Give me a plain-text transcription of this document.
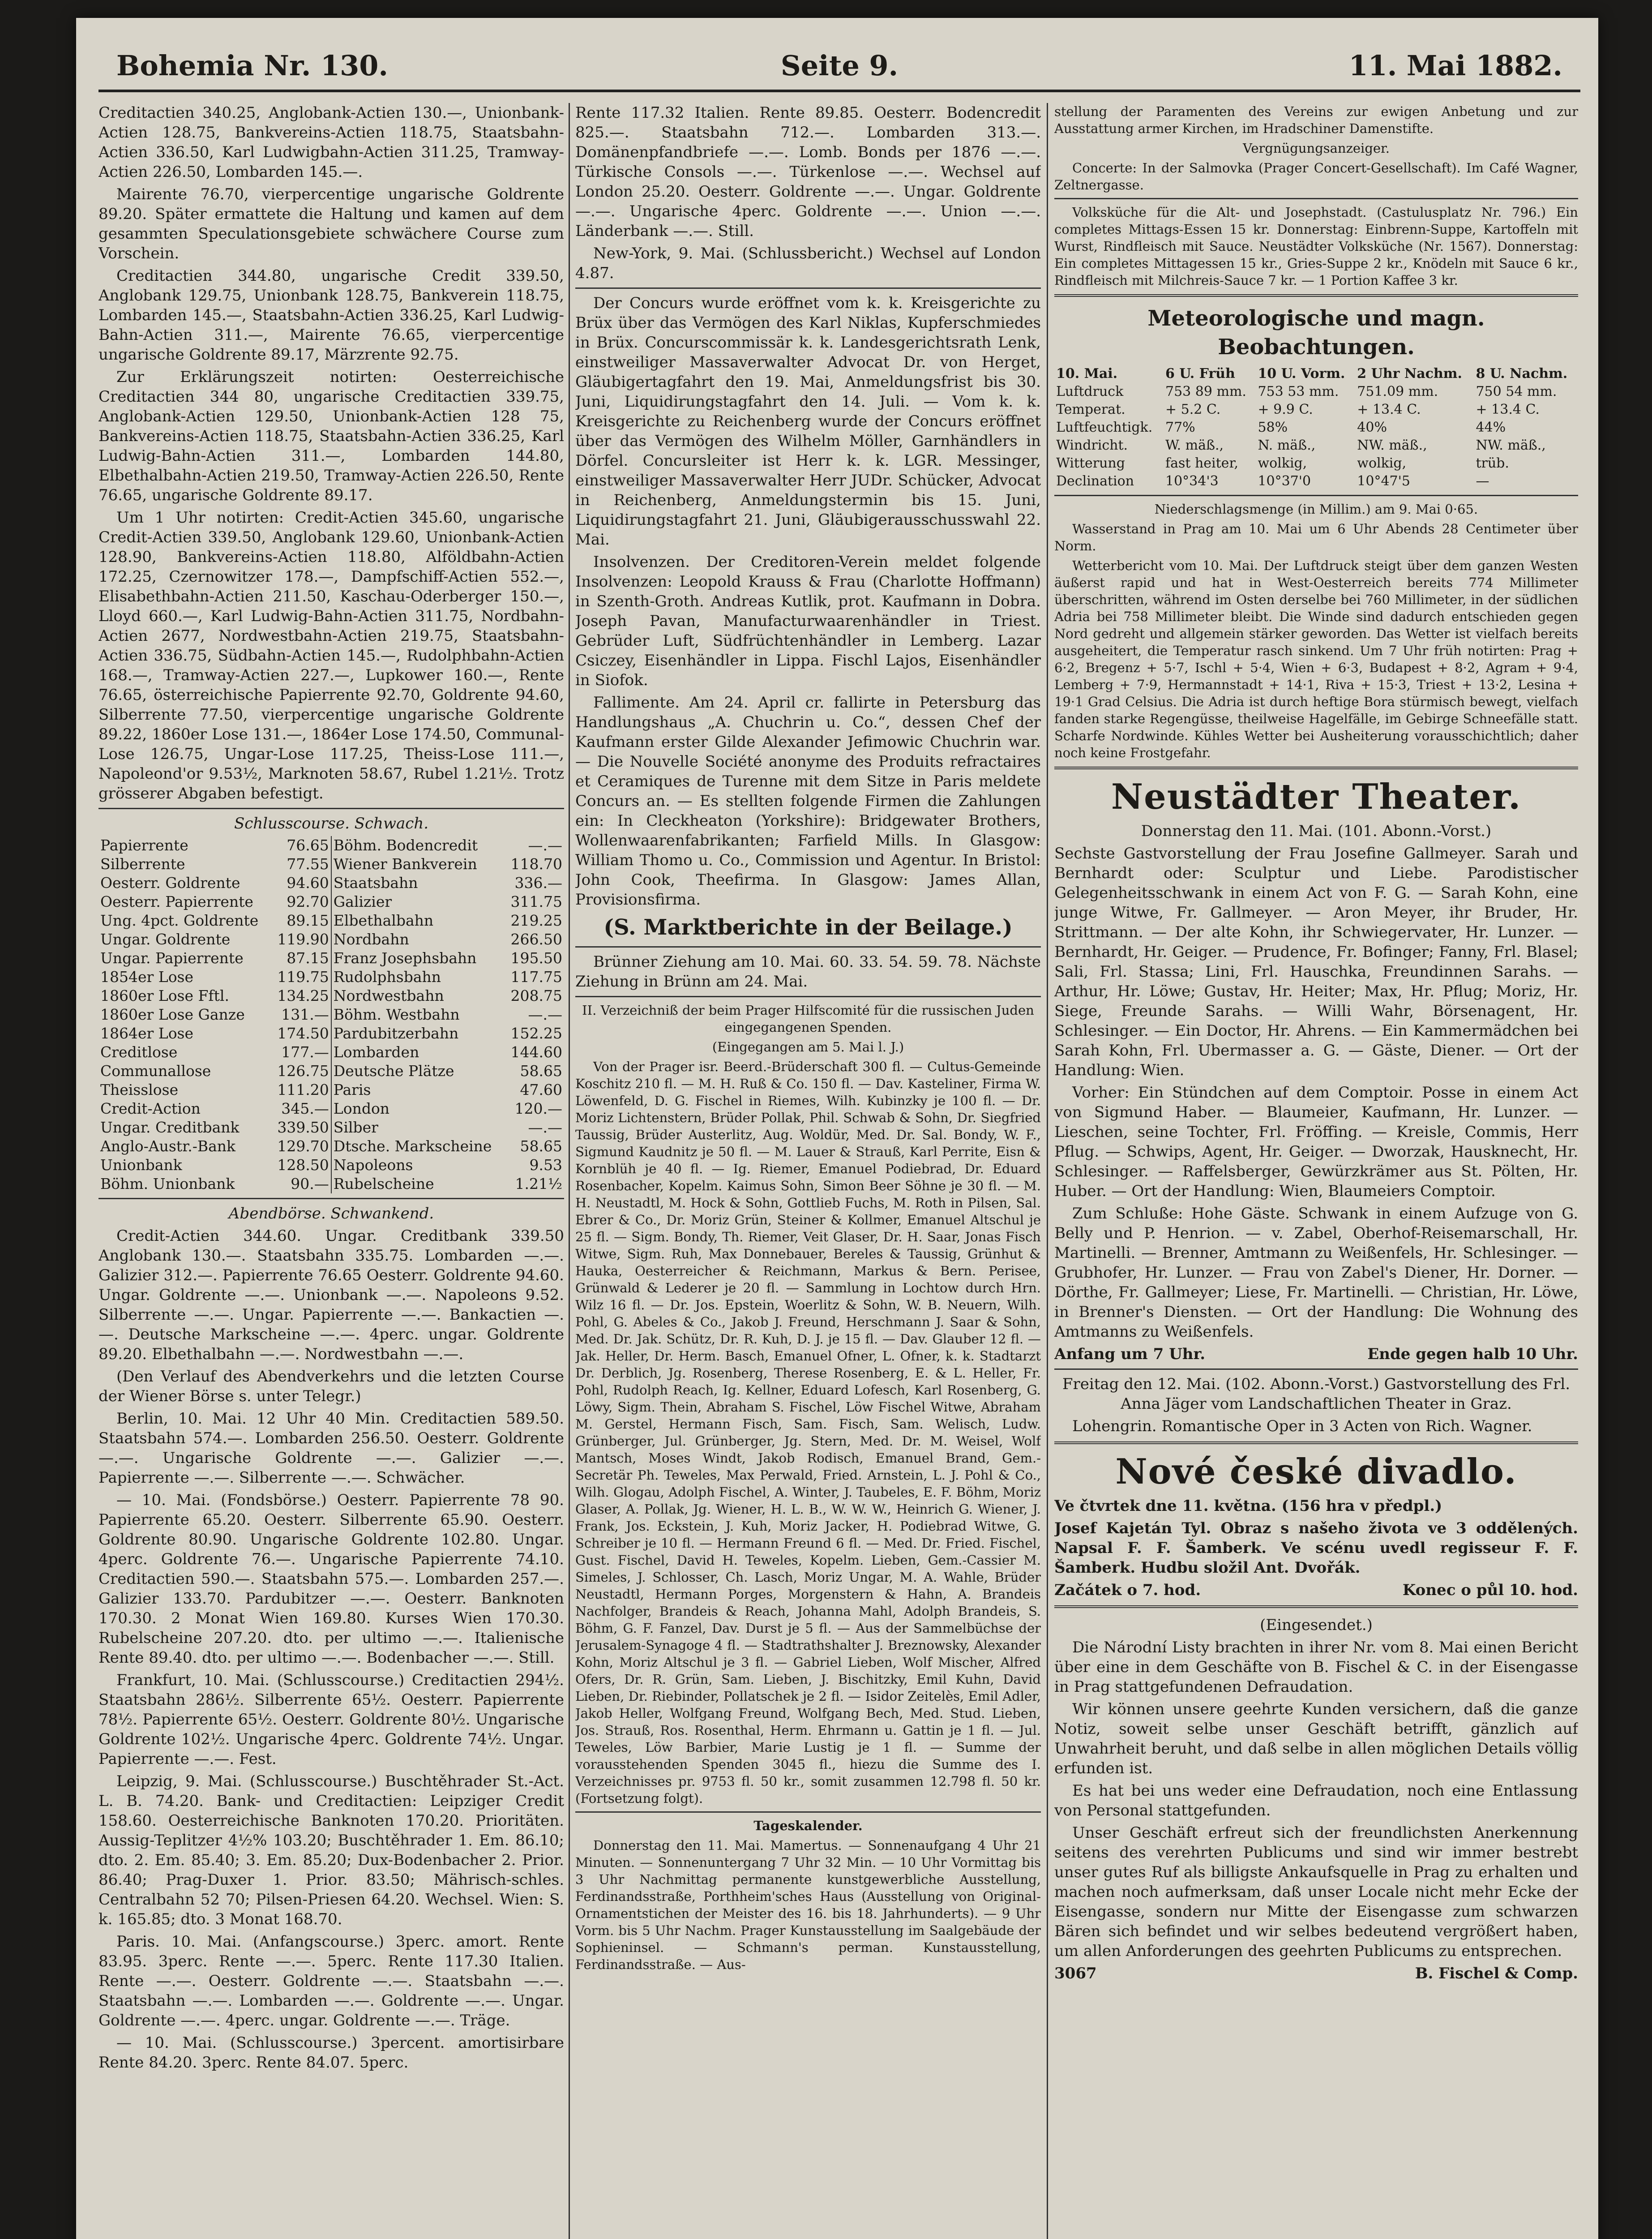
Bohemia Nr. 130.	Seite 9.	11. Mai 1882.

Creditactien 340.25, Anglobank-Actien 130.—, Unionbank-Actien 128.75, Bankvereins-Actien 118.75, Staatsbahn-Actien 336.50, Karl Ludwigbahn-Actien 311.25, Tramway-Actien 226.50, Lombarden 145.—.

Mairente 76.70, vierpercentige ungarische Goldrente 89.20. Später ermattete die Haltung und kamen auf dem gesammten Speculationsgebiete schwächere Course zum Vorschein.

Creditactien 344.80, ungarische Credit 339.50, Anglobank 129.75, Unionbank 128.75, Bankverein 118.75, Lombarden 145.—, Staatsbahn-Actien 336.25, Karl Ludwig-Bahn-Actien 311.—, Mairente 76.65, vierpercentige ungarische Goldrente 89.17, Märzrente 92.75.

Zur Erklärungszeit notirten: Oesterreichische Creditactien 344 80, ungarische Creditactien 339.75, Anglobank-Actien 129.50, Unionbank-Actien 128 75, Bankvereins-Actien 118.75, Staatsbahn-Actien 336.25, Karl Ludwig-Bahn-Actien 311.—, Lombarden 144.80, Elbethalbahn-Actien 219.50, Tramway-Actien 226.50, Rente 76.65, ungarische Goldrente 89.17.

Um 1 Uhr notirten: Credit-Actien 345.60, ungarische Credit-Actien 339.50, Anglobank 129.60, Unionbank-Actien 128.90, Bankvereins-Actien 118.80, Alföldbahn-Actien 172.25, Czernowitzer 178.—, Dampfschiff-Actien 552.—, Elisabethbahn-Actien 211.50, Kaschau-Oderberger 150.—, Lloyd 660.—, Karl Ludwig-Bahn-Actien 311.75, Nordbahn-Actien 2677, Nordwestbahn-Actien 219.75, Staatsbahn-Actien 336.75, Südbahn-Actien 145.—, Rudolphbahn-Actien 168.—, Tramway-Actien 227.—, Lupkower 160.—, Rente 76.65, österreichische Papierrente 92.70, Goldrente 94.60, Silberrente 77.50, vierpercentige ungarische Goldrente 89.22, 1860er Lose 131.—, 1864er Lose 174.50, Communal-Lose 126.75, Ungar-Lose 117.25, Theiss-Lose 111.—, Napoleond'or 9.53½, Marknoten 58.67, Rubel 1.21½. Trotz grösserer Abgaben befestigt.

Schlusscourse. Schwach.

Papierrente	76.65	Böhm. Bodencredit	—.—
Silberrente	77.55	Wiener Bankverein	118.70
Oesterr. Goldrente	94.60	Staatsbahn	336.—
Oesterr. Papierrente	92.70	Galizier	311.75
Ung. 4pct. Goldrente	89.15	Elbethalbahn	219.25
Ungar. Goldrente	119.90	Nordbahn	266.50
Ungar. Papierrente	87.15	Franz Josephsbahn	195.50
1854er Lose	119.75	Rudolphsbahn	117.75
1860er Lose Fftl.	134.25	Nordwestbahn	208.75
1860er Lose Ganze	131.—	Böhm. Westbahn	—.—
1864er Lose	174.50	Pardubitzerbahn	152.25
Creditlose	177.—	Lombarden	144.60
Communallose	126.75	Deutsche Plätze	58.65
Theisslose	111.20	Paris	47.60
Credit-Action	345.—	London	120.—
Ungar. Creditbank	339.50	Silber	—.—
Anglo-Austr.-Bank	129.70	Dtsche. Markscheine	58.65
Unionbank	128.50	Napoleons	9.53
Böhm. Unionbank	90.—	Rubelscheine	1.21½

Abendbörse. Schwankend.

Credit-Actien 344.60. Ungar. Creditbank 339.50 Anglobank 130.—. Staatsbahn 335.75. Lombarden —.—. Galizier 312.—. Papierrente 76.65 Oesterr. Goldrente 94.60. Ungar. Goldrente —.—. Unionbank —.—. Napoleons 9.52. Silberrente —.—. Ungar. Papierrente —.—. Bankactien —.—. Deutsche Markscheine —.—. 4perc. ungar. Goldrente 89.20. Elbethalbahn —.—. Nordwestbahn —.—.

(Den Verlauf des Abendverkehrs und die letzten Course der Wiener Börse s. unter Telegr.)

Berlin, 10. Mai. 12 Uhr 40 Min. Creditactien 589.50. Staatsbahn 574.—. Lombarden 256.50. Oesterr. Goldrente —.—. Ungarische Goldrente —.—. Galizier —.—. Papierrente —.—. Silberrente —.—. Schwächer.

— 10. Mai. (Fondsbörse.) Oesterr. Papierrente 78 90. Papierrente 65.20. Oesterr. Silberrente 65.90. Oesterr. Goldrente 80.90. Ungarische Goldrente 102.80. Ungar. 4perc. Goldrente 76.—. Ungarische Papierrente 74.10. Creditactien 590.—. Staatsbahn 575.—. Lombarden 257.—. Galizier 133.70. Pardubitzer —.—. Oesterr. Banknoten 170.30. 2 Monat Wien 169.80. Kurses Wien 170.30. Rubelscheine 207.20. dto. per ultimo —.—. Italienische Rente 89.40. dto. per ultimo —.—. Bodenbacher —.—. Still.

Frankfurt, 10. Mai. (Schlusscourse.) Creditactien 294½. Staatsbahn 286½. Silberrente 65½. Oesterr. Papierrente 78½. Papierrente 65½. Oesterr. Goldrente 80½. Ungarische Goldrente 102½. Ungarische 4perc. Goldrente 74½. Ungar. Papierrente —.—. Fest.

Leipzig, 9. Mai. (Schlusscourse.) Buschtěhrader St.-Act. L. B. 74.20. Bank- und Creditactien: Leipziger Credit 158.60. Oesterreichische Banknoten 170.20. Prioritäten. Aussig-Teplitzer 4½% 103.20; Buschtěhrader 1. Em. 86.10; dto. 2. Em. 85.40; 3. Em. 85.20; Dux-Bodenbacher 2. Prior. 86.40; Prag-Duxer 1. Prior. 83.50; Mährisch-schles. Centralbahn 52 70; Pilsen-Priesen 64.20. Wechsel. Wien: S. k. 165.85; dto. 3 Monat 168.70.

Paris. 10. Mai. (Anfangscourse.) 3perc. amort. Rente 83.95. 3perc. Rente —.—. 5perc. Rente 117.30 Italien. Rente —.—. Oesterr. Goldrente —.—. Staatsbahn —.—. Staatsbahn —.—. Lombarden —.—. Goldrente —.—. Ungar. Goldrente —.—. 4perc. ungar. Goldrente —.—. Träge.

— 10. Mai. (Schlusscourse.) 3percent. amortisirbare Rente 84.20. 3perc. Rente 84.07. 5perc.

Rente 117.32 Italien. Rente 89.85. Oesterr. Bodencredit 825.—. Staatsbahn 712.—. Lombarden 313.—. Domänenpfandbriefe —.—. Lomb. Bonds per 1876 —.—. Türkische Consols —.—. Türkenlose —.—. Wechsel auf London 25.20. Oesterr. Goldrente —.—. Ungar. Goldrente —.—. Ungarische 4perc. Goldrente —.—. Union —.—. Länderbank —.—. Still.

New-York, 9. Mai. (Schlussbericht.) Wechsel auf London 4.87.

Der Concurs wurde eröffnet vom k. k. Kreisgerichte zu Brüx über das Vermögen des Karl Niklas, Kupferschmiedes in Brüx. Concurscommissär k. k. Landesgerichtsrath Lenk, einstweiliger Massaverwalter Advocat Dr. von Herget, Gläubigertagfahrt den 19. Mai, Anmeldungsfrist bis 30. Juni, Liquidirungstagfahrt den 14. Juli. — Vom k. k. Kreisgerichte zu Reichenberg wurde der Concurs eröffnet über das Vermögen des Wilhelm Möller, Garnhändlers in Dörfel. Concursleiter ist Herr k. k. LGR. Messinger, einstweiliger Massaverwalter Herr JUDr. Schücker, Advocat in Reichenberg, Anmeldungstermin bis 15. Juni, Liquidirungstagfahrt 21. Juni, Gläubigerausschusswahl 22. Mai.

Insolvenzen. Der Creditoren-Verein meldet folgende Insolvenzen: Leopold Krauss & Frau (Charlotte Hoffmann) in Szenth-Groth. Andreas Kutlik, prot. Kaufmann in Dobra. Joseph Pavan, Manufacturwaarenhändler in Triest. Gebrüder Luft, Südfrüchtenhändler in Lemberg. Lazar Csiczey, Eisenhändler in Lippa. Fischl Lajos, Eisenhändler in Siofok.

Fallimente. Am 24. April cr. fallirte in Petersburg das Handlungshaus „A. Chuchrin u. Co.“, dessen Chef der Kaufmann erster Gilde Alexander Jefimowic Chuchrin war. — Die Nouvelle Société anonyme des Produits refractaires et Ceramiques de Turenne mit dem Sitze in Paris meldete Concurs an. — Es stellten folgende Firmen die Zahlungen ein: In Cleckheaton (Yorkshire): Bridgewater Brothers, Wollenwaarenfabrikanten; Farfield Mills. In Glasgow: William Thomo u. Co., Commission und Agentur. In Bristol: John Cook, Theefirma. In Glasgow: James Allan, Provisionsfirma.

(S. Marktberichte in der Beilage.)

Brünner Ziehung am 10. Mai. 60. 33. 54. 59. 78. Nächste Ziehung in Brünn am 24. Mai.

II. Verzeichniß der beim Prager Hilfscomité für die russischen Juden eingegangenen Spenden.

(Eingegangen am 5. Mai l. J.)

Von der Prager isr. Beerd.-Brüderschaft 300 fl. — Cultus-Gemeinde Koschitz 210 fl. — M. H. Ruß & Co. 150 fl. — Dav. Kasteliner, Firma W. Löwenfeld, D. G. Fischel in Riemes, Wilh. Kubinzky je 100 fl. — Dr. Moriz Lichtenstern, Brüder Pollak, Phil. Schwab & Sohn, Dr. Siegfried Taussig, Brüder Austerlitz, Aug. Woldür, Med. Dr. Sal. Bondy, W. F., Sigmund Kaudnitz je 50 fl. — M. Lauer & Strauß, Karl Perrite, Eisn & Kornblüh je 40 fl. — Ig. Riemer, Emanuel Podiebrad, Dr. Eduard Rosenbacher, Kopelm. Kaimus Sohn, Simon Beer Söhne je 30 fl. — M. H. Neustadtl, M. Hock & Sohn, Gottlieb Fuchs, M. Roth in Pilsen, Sal. Ebrer & Co., Dr. Moriz Grün, Steiner & Kollmer, Emanuel Altschul je 25 fl. — Sigm. Bondy, Th. Riemer, Veit Glaser, Dr. H. Saar, Jonas Fisch Witwe, Sigm. Ruh, Max Donnebauer, Bereles & Taussig, Grünhut & Hauka, Oesterreicher & Reichmann, Markus & Bern. Perisee, Grünwald & Lederer je 20 fl. — Sammlung in Lochtow durch Hrn. Wilz 16 fl. — Dr. Jos. Epstein, Woerlitz & Sohn, W. B. Neuern, Wilh. Pohl, G. Abeles & Co., Jakob J. Freund, Herschmann J. Saar & Sohn, Med. Dr. Jak. Schütz, Dr. R. Kuh, D. J. je 15 fl. — Dav. Glauber 12 fl. — Jak. Heller, Dr. Herm. Basch, Emanuel Ofner, L. Ofner, k. k. Stadtarzt Dr. Derblich, Jg. Rosenberg, Therese Rosenberg, E. & L. Heller, Fr. Pohl, Rudolph Reach, Ig. Kellner, Eduard Lofesch, Karl Rosenberg, G. Löwy, Sigm. Thein, Abraham S. Fischel, Löw Fischel Witwe, Abraham M. Gerstel, Hermann Fisch, Sam. Fisch, Sam. Welisch, Ludw. Grünberger, Jul. Grünberger, Jg. Stern, Med. Dr. M. Weisel, Wolf Mantsch, Moses Windt, Jakob Rodisch, Emanuel Brand, Gem.-Secretär Ph. Teweles, Max Perwald, Fried. Arnstein, L. J. Pohl & Co., Wilh. Glogau, Adolph Fischel, A. Winter, J. Taubeles, E. F. Böhm, Moriz Glaser, A. Pollak, Jg. Wiener, H. L. B., W. W. W., Heinrich G. Wiener, J. Frank, Jos. Eckstein, J. Kuh, Moriz Jacker, H. Podiebrad Witwe, G. Schreiber je 10 fl. — Hermann Freund 6 fl. — Med. Dr. Fried. Fischel, Gust. Fischel, David H. Teweles, Kopelm. Lieben, Gem.-Cassier M. Simeles, J. Schlosser, Ch. Lasch, Moriz Ungar, M. A. Wahle, Brüder Neustadtl, Hermann Porges, Morgenstern & Hahn, A. Brandeis Nachfolger, Brandeis & Reach, Johanna Mahl, Adolph Brandeis, S. Böhm, G. F. Fanzel, Dav. Durst je 5 fl. — Aus der Sammelbüchse der Jerusalem-Synagoge 4 fl. — Stadtrathshalter J. Breznowsky, Alexander Kohn, Moriz Altschul je 3 fl. — Gabriel Lieben, Wolf Mischer, Alfred Ofers, Dr. R. Grün, Sam. Lieben, J. Bischitzky, Emil Kuhn, David Lieben, Dr. Riebinder, Pollatschek je 2 fl. — Isidor Zeitelès, Emil Adler, Jakob Heller, Wolfgang Freund, Wolfgang Bech, Med. Stud. Lieben, Jos. Strauß, Ros. Rosenthal, Herm. Ehrmann u. Gattin je 1 fl. — Jul. Teweles, Löw Barbier, Marie Lustig je 1 fl. — Summe der vorausstehenden Spenden 3045 fl., hiezu die Summe des I. Verzeichnisses pr. 9753 fl. 50 kr., somit zusammen 12.798 fl. 50 kr. (Fortsetzung folgt).

Tageskalender.

Donnerstag den 11. Mai. Mamertus. — Sonnenaufgang 4 Uhr 21 Minuten. — Sonnenuntergang 7 Uhr 32 Min. — 10 Uhr Vormittag bis 3 Uhr Nachmittag permanente kunstgewerbliche Ausstellung, Ferdinandsstraße, Porthheim'sches Haus (Ausstellung von Original-Ornamentstichen der Meister des 16. bis 18. Jahrhunderts). — 9 Uhr Vorm. bis 5 Uhr Nachm. Prager Kunstausstellung im Saalgebäude der Sophieninsel. — Schmann's perman. Kunstausstellung, Ferdinandsstraße. — Aus-

stellung der Paramenten des Vereins zur ewigen Anbetung und zur Ausstattung armer Kirchen, im Hradschiner Damenstifte.

Vergnügungsanzeiger.

Concerte: In der Salmovka (Prager Concert-Gesellschaft). Im Café Wagner, Zeltnergasse.

Volksküche für die Alt- und Josephstadt. (Castulusplatz Nr. 796.) Ein completes Mittags-Essen 15 kr. Donnerstag: Einbrenn-Suppe, Kartoffeln mit Wurst, Rindfleisch mit Sauce. Neustädter Volksküche (Nr. 1567). Donnerstag: Ein completes Mittagessen 15 kr., Gries-Suppe 2 kr., Knödeln mit Sauce 6 kr., Rindfleisch mit Milchreis-Sauce 7 kr. — 1 Portion Kaffee 3 kr.

Meteorologische und magn. Beobachtungen.
10. Mai.	6 U. Früh	10 U. Vorm.	2 Uhr Nachm.	8 U. Nachm.
Luftdruck	753 89 mm.	753 53 mm.	751.09 mm.	750 54 mm.
Temperat.	+ 5.2 C.	+ 9.9 C.	+ 13.4 C.	+ 13.4 C.
Luftfeuchtigk.	77%	58%	40%	44%
Windricht.	W. mäß.,	N. mäß.,	NW. mäß.,	NW. mäß.,
Witterung	fast heiter,	wolkig,	wolkig,	trüb.
Declination	10°34'3	10°37'0	10°47'5	—

Niederschlagsmenge (in Millim.) am 9. Mai 0·65.

Wasserstand in Prag am 10. Mai um 6 Uhr Abends 28 Centimeter über Norm.

Wetterbericht vom 10. Mai. Der Luftdruck steigt über dem ganzen Westen äußerst rapid und hat in West-Oesterreich bereits 774 Millimeter überschritten, während im Osten derselbe bei 760 Millimeter, in der südlichen Adria bei 758 Millimeter bleibt. Die Winde sind dadurch entschieden gegen Nord gedreht und allgemein stärker geworden. Das Wetter ist vielfach bereits ausgeheitert, die Temperatur rasch sinkend. Um 7 Uhr früh notirten: Prag + 6·2, Bregenz + 5·7, Ischl + 5·4, Wien + 6·3, Budapest + 8·2, Agram + 9·4, Lemberg + 7·9, Hermannstadt + 14·1, Riva + 15·3, Triest + 13·2, Lesina + 19·1 Grad Celsius. Die Adria ist durch heftige Bora stürmisch bewegt, vielfach fanden starke Regengüsse, theilweise Hagelfälle, im Gebirge Schneefälle statt. Scharfe Nordwinde. Kühles Wetter bei Ausheiterung vorausschichtlich; daher noch keine Frostgefahr.

Neustädter Theater.

Donnerstag den 11. Mai. (101. Abonn.-Vorst.)

Sechste Gastvorstellung der Frau Josefine Gallmeyer. Sarah und Bernhardt oder: Sculptur und Liebe. Parodistischer Gelegenheitsschwank in einem Act von F. G. — Sarah Kohn, eine junge Witwe, Fr. Gallmeyer. — Aron Meyer, ihr Bruder, Hr. Strittmann. — Der alte Kohn, ihr Schwiegervater, Hr. Lunzer. — Bernhardt, Hr. Geiger. — Prudence, Fr. Bofinger; Fanny, Frl. Blasel; Sali, Frl. Stassa; Lini, Frl. Hauschka, Freundinnen Sarahs. — Arthur, Hr. Löwe; Gustav, Hr. Heiter; Max, Hr. Pflug; Moriz, Hr. Siege, Freunde Sarahs. — Willi Wahr, Börsenagent, Hr. Schlesinger. — Ein Doctor, Hr. Ahrens. — Ein Kammermädchen bei Sarah Kohn, Frl. Ubermasser a. G. — Gäste, Diener. — Ort der Handlung: Wien.

Vorher: Ein Stündchen auf dem Comptoir. Posse in einem Act von Sigmund Haber. — Blaumeier, Kaufmann, Hr. Lunzer. — Lieschen, seine Tochter, Frl. Fröffing. — Kreisle, Commis, Herr Pflug. — Schwips, Agent, Hr. Geiger. — Dworzak, Hausknecht, Hr. Schlesinger. — Raffelsberger, Gewürzkrämer aus St. Pölten, Hr. Huber. — Ort der Handlung: Wien, Blaumeiers Comptoir.

Zum Schluße: Hohe Gäste. Schwank in einem Aufzuge von G. Belly und P. Henrion. — v. Zabel, Oberhof-Reisemarschall, Hr. Martinelli. — Brenner, Amtmann zu Weißenfels, Hr. Schlesinger. — Grubhofer, Hr. Lunzer. — Frau von Zabel's Diener, Hr. Dorner. — Dörthe, Fr. Gallmeyer; Liese, Fr. Martinelli. — Christian, Hr. Löwe, in Brenner's Diensten. — Ort der Handlung: Die Wohnung des Amtmanns zu Weißenfels.

Anfang um 7 Uhr.	Ende gegen halb 10 Uhr.

Freitag den 12. Mai. (102. Abonn.-Vorst.) Gastvorstellung des Frl. Anna Jäger vom Landschaftlichen Theater in Graz.

Lohengrin. Romantische Oper in 3 Acten von Rich. Wagner.

Nové české divadlo.

Ve čtvrtek dne 11. května. (156 hra v předpl.)

Josef Kajetán Tyl. Obraz s našeho života ve 3 oddělených. Napsal F. F. Šamberk. Ve scénu uvedl regisseur F. F. Šamberk. Hudbu složil Ant. Dvořák.

Začátek o 7. hod.	Konec o půl 10. hod.

(Eingesendet.)

Die Národní Listy brachten in ihrer Nr. vom 8. Mai einen Bericht über eine in dem Geschäfte von B. Fischel & C. in der Eisengasse in Prag stattgefundenen Defraudation.

Wir können unsere geehrte Kunden versichern, daß die ganze Notiz, soweit selbe unser Geschäft betrifft, gänzlich auf Unwahrheit beruht, und daß selbe in allen möglichen Details völlig erfunden ist.

Es hat bei uns weder eine Defraudation, noch eine Entlassung von Personal stattgefunden.

Unser Geschäft erfreut sich der freundlichsten Anerkennung seitens des verehrten Publicums und sind wir immer bestrebt unser gutes Ruf als billigste Ankaufsquelle in Prag zu erhalten und machen noch aufmerksam, daß unser Locale nicht mehr Ecke der Eisengasse, sondern nur Mitte der Eisengasse zum schwarzen Bären sich befindet und wir selbes bedeutend vergrößert haben, um allen Anforderungen des geehrten Publicums zu entsprechen.

3067	B. Fischel & Comp.
